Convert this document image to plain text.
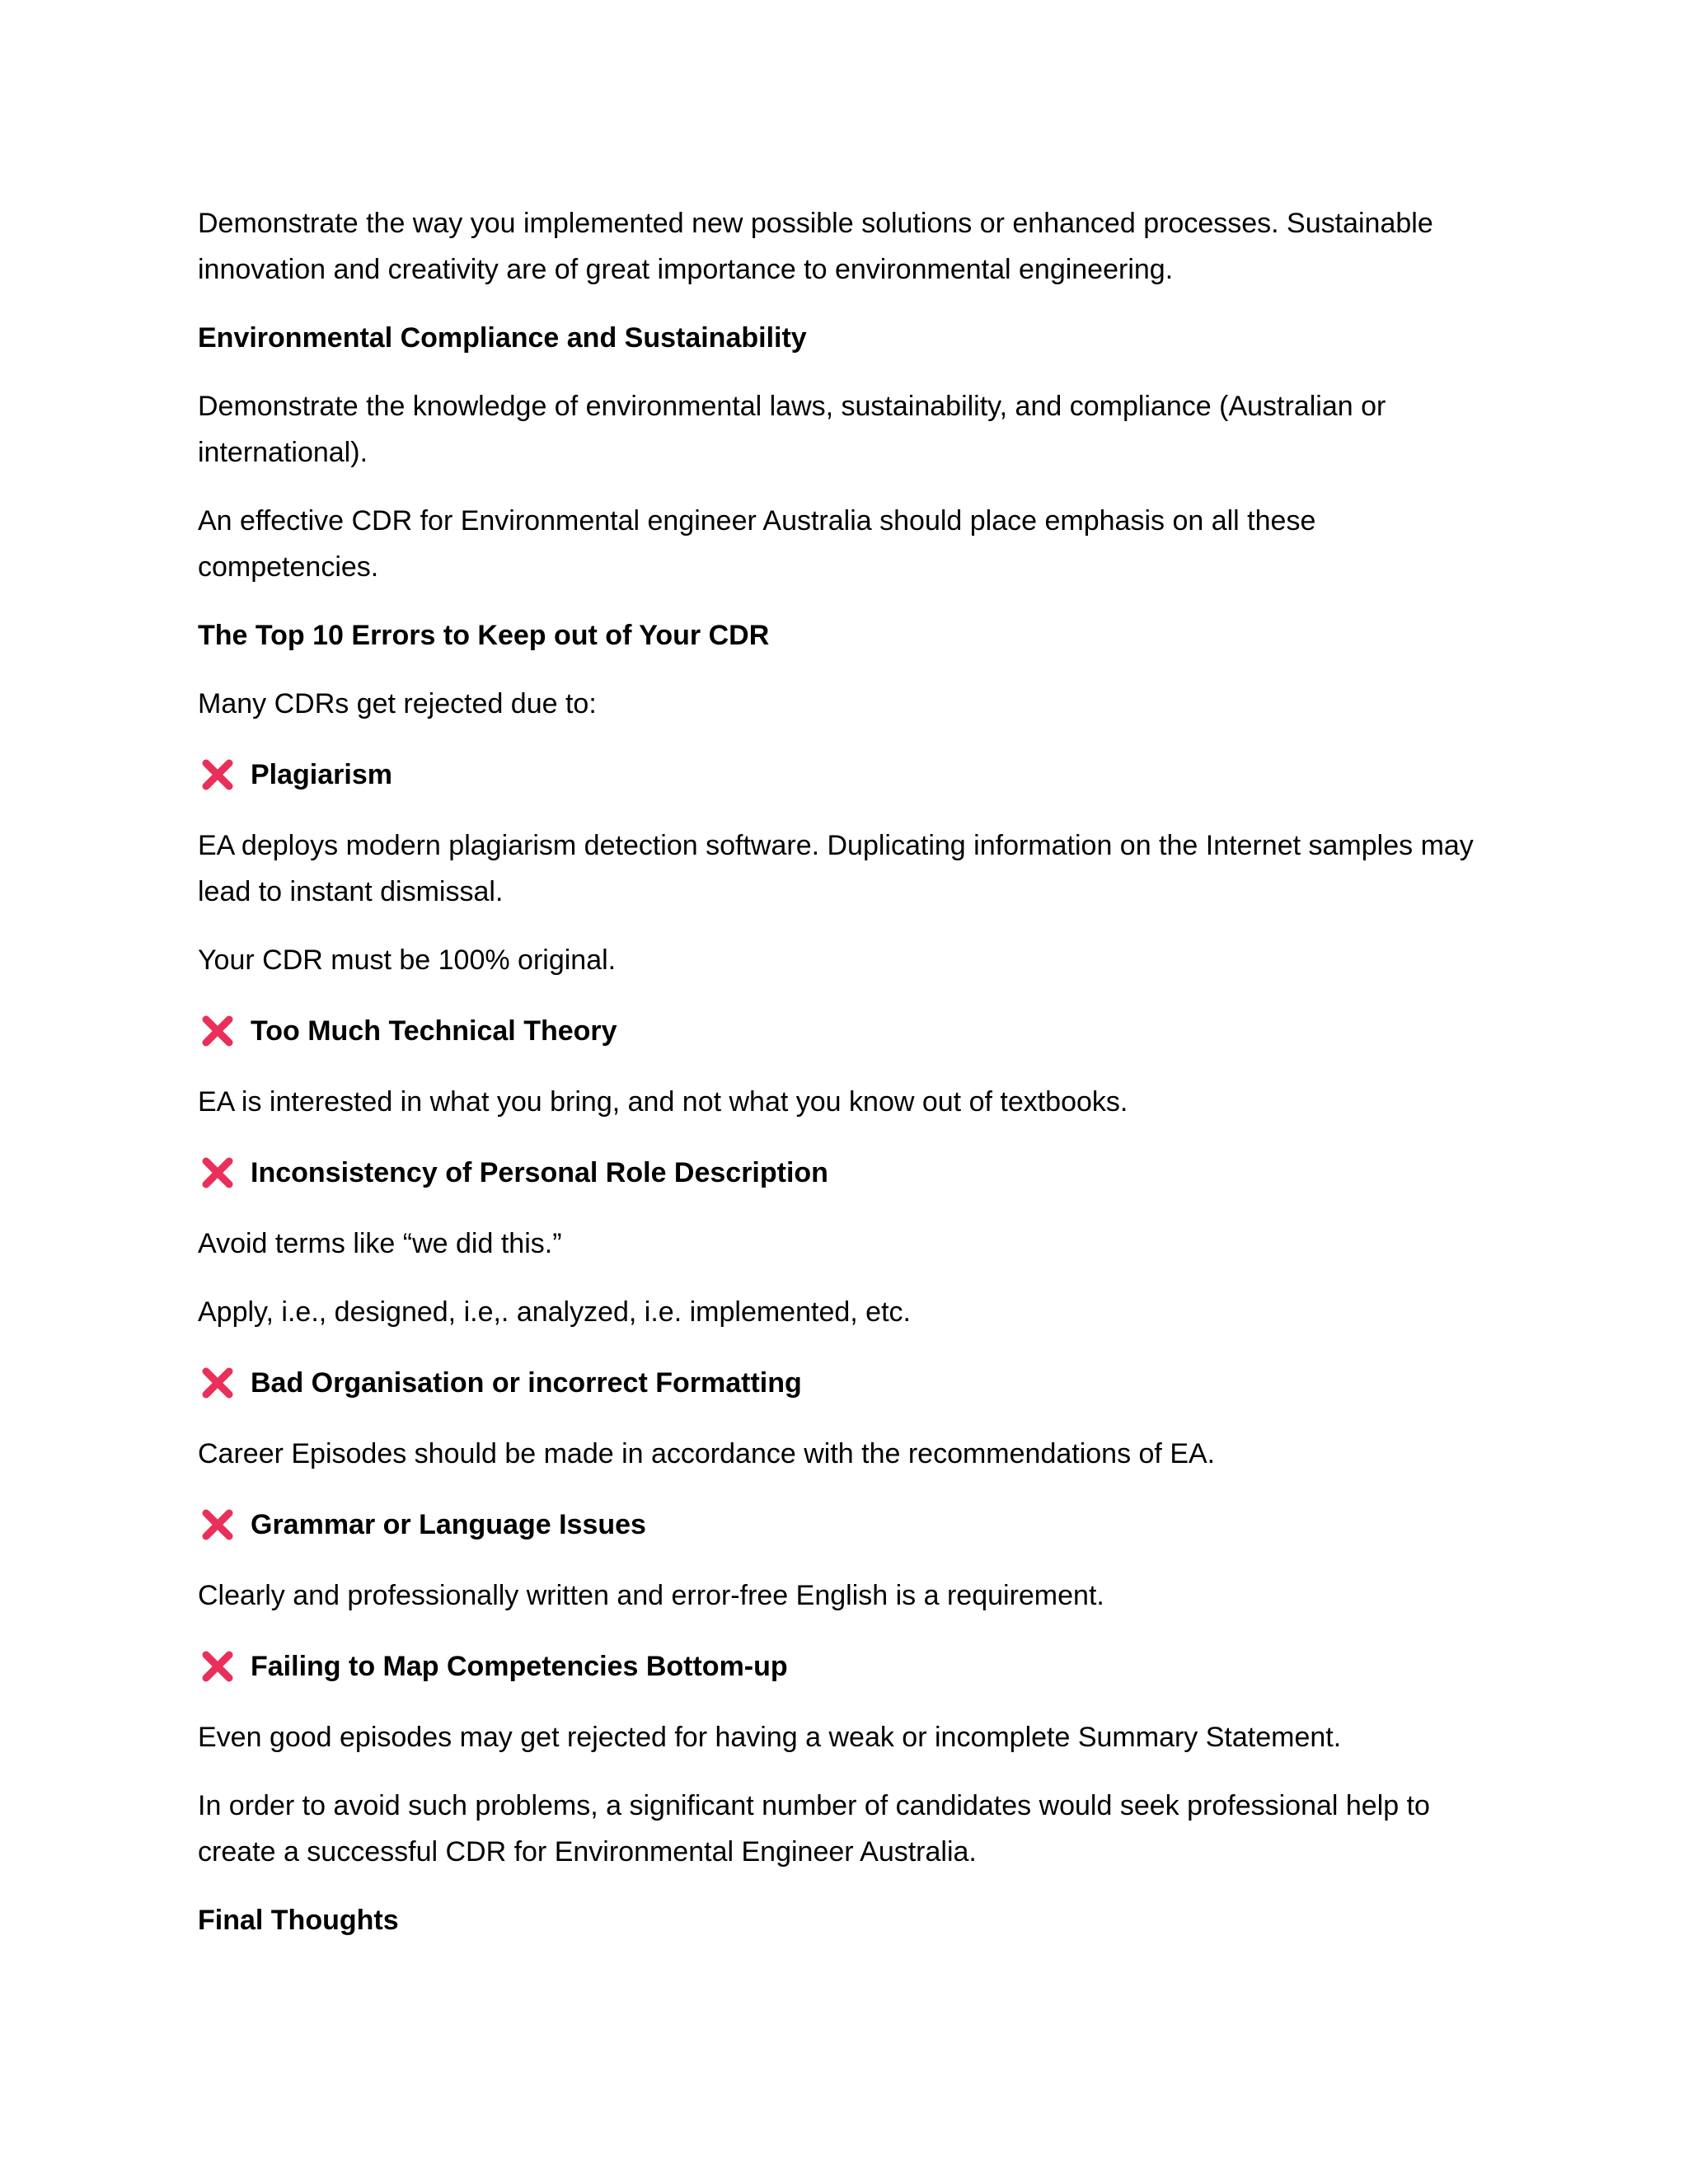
Demonstrate the way you implemented new possible solutions or enhanced processes. Sustainable innovation and creativity are of great importance to environmental engineering.

Environmental Compliance and Sustainability

Demonstrate the knowledge of environmental laws, sustainability, and compliance (Australian or international).

An effective CDR for Environmental engineer Australia should place emphasis on all these competencies.

The Top 10 Errors to Keep out of Your CDR

Many CDRs get rejected due to:

Plagiarism

EA deploys modern plagiarism detection software. Duplicating information on the Internet samples may lead to instant dismissal.

Your CDR must be 100% original.

Too Much Technical Theory

EA is interested in what you bring, and not what you know out of textbooks.

Inconsistency of Personal Role Description

Avoid terms like “we did this.”

Apply, i.e., designed, i.e,. analyzed, i.e. implemented, etc.

Bad Organisation or incorrect Formatting

Career Episodes should be made in accordance with the recommendations of EA.

Grammar or Language Issues

Clearly and professionally written and error-free English is a requirement.

Failing to Map Competencies Bottom-up

Even good episodes may get rejected for having a weak or incomplete Summary Statement.

In order to avoid such problems, a significant number of candidates would seek professional help to create a successful CDR for Environmental Engineer Australia.

Final Thoughts
